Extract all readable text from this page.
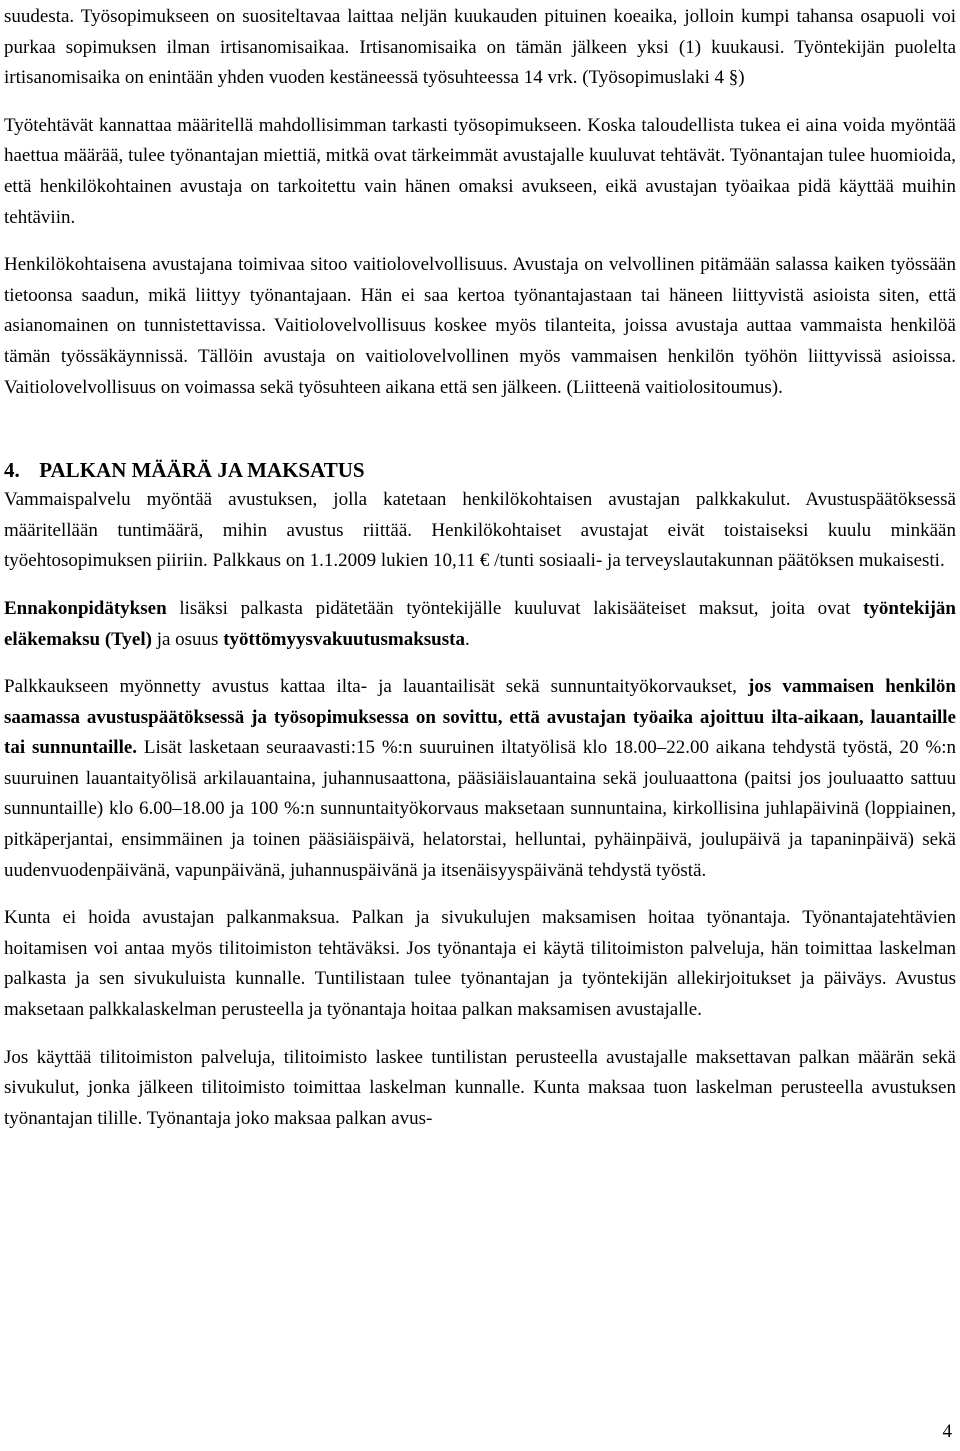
suudesta. Työsopimukseen on suositeltavaa laittaa neljän kuukauden pituinen koeaika, jolloin kumpi tahansa osapuoli voi purkaa sopimuksen ilman irtisanomisaikaa. Irtisanomisaika on tämän jälkeen yksi (1) kuukausi. Työntekijän puolelta irtisanomisaika on enintään yhden vuoden kestäneessä työsuhteessa 14 vrk. (Työsopimuslaki 4 §)

Työtehtävät kannattaa määritellä mahdollisimman tarkasti työsopimukseen. Koska taloudellista tukea ei aina voida myöntää haettua määrää, tulee työnantajan miettiä, mitkä ovat tärkeimmät avustajalle kuuluvat tehtävät. Työnantajan tulee huomioida, että henkilökohtainen avustaja on tarkoitettu vain hänen omaksi avukseen, eikä avustajan työaikaa pidä käyttää muihin tehtäviin.

Henkilökohtaisena avustajana toimivaa sitoo vaitiolovelvollisuus. Avustaja on velvollinen pitämään salassa kaiken työssään tietoonsa saadun, mikä liittyy työnantajaan. Hän ei saa kertoa työnantajastaan tai häneen liittyvistä asioista siten, että asianomainen on tunnistettavissa. Vaitiolovelvollisuus koskee myös tilanteita, joissa avustaja auttaa vammaista henkilöä tämän työssäkäynnissä. Tällöin avustaja on vaitiolovelvollinen myös vammaisen henkilön työhön liittyvissä asioissa. Vaitiolovelvollisuus on voimassa sekä työsuhteen aikana että sen jälkeen. (Liitteenä vaitiolositoumus).

4. PALKAN MÄÄRÄ JA MAKSATUS

Vammaispalvelu myöntää avustuksen, jolla katetaan henkilökohtaisen avustajan palkkakulut. Avustuspäätöksessä määritellään tuntimäärä, mihin avustus riittää. Henkilökohtaiset avustajat eivät toistaiseksi kuulu minkään työehtosopimuksen piiriin. Palkkaus on 1.1.2009 lukien 10,11 € /tunti sosiaali- ja terveyslautakunnan päätöksen mukaisesti.

Ennakonpidätyksen lisäksi palkasta pidätetään työntekijälle kuuluvat lakisääteiset maksut, joita ovat työntekijän eläkemaksu (Tyel) ja osuus työttömyysvakuutusmaksusta.

Palkkaukseen myönnetty avustus kattaa ilta- ja lauantailisät sekä sunnuntaityökorvaukset, jos vammaisen henkilön saamassa avustuspäätöksessä ja työsopimuksessa on sovittu, että avustajan työaika ajoittuu ilta-aikaan, lauantaille tai sunnuntaille. Lisät lasketaan seuraavasti:15 %:n suuruinen iltatyölisä klo 18.00–22.00 aikana tehdystä työstä, 20 %:n suuruinen lauantaityölisä arkilauantaina, juhannusaattona, pääsiäislauantaina sekä jouluaattona (paitsi jos jouluaatto sattuu sunnuntaille) klo 6.00–18.00 ja 100 %:n sunnuntaityökorvaus maksetaan sunnuntaina, kirkollisina juhlapäivinä (loppiainen, pitkäperjantai, ensimmäinen ja toinen pääsiäispäivä, helatorstai, helluntai, pyhäinpäivä, joulupäivä ja tapaninpäivä) sekä uudenvuodenpäivänä, vapunpäivänä, juhannuspäivänä ja itsenäisyyspäivänä tehdystä työstä.

Kunta ei hoida avustajan palkanmaksua. Palkan ja sivukulujen maksamisen hoitaa työnantaja. Työnantajatehtävien hoitamisen voi antaa myös tilitoimiston tehtäväksi. Jos työnantaja ei käytä tilitoimiston palveluja, hän toimittaa laskelman palkasta ja sen sivukuluista kunnalle. Tuntilistaan tulee työnantajan ja työntekijän allekirjoitukset ja päiväys. Avustus maksetaan palkkalaskelman perusteella ja työnantaja hoitaa palkan maksamisen avustajalle.

Jos käyttää tilitoimiston palveluja, tilitoimisto laskee tuntilistan perusteella avustajalle maksettavan palkan määrän sekä sivukulut, jonka jälkeen tilitoimisto toimittaa laskelman kunnalle. Kunta maksaa tuon laskelman perusteella avustuksen työnantajan tilille. Työnantaja joko maksaa palkan avus-

4
